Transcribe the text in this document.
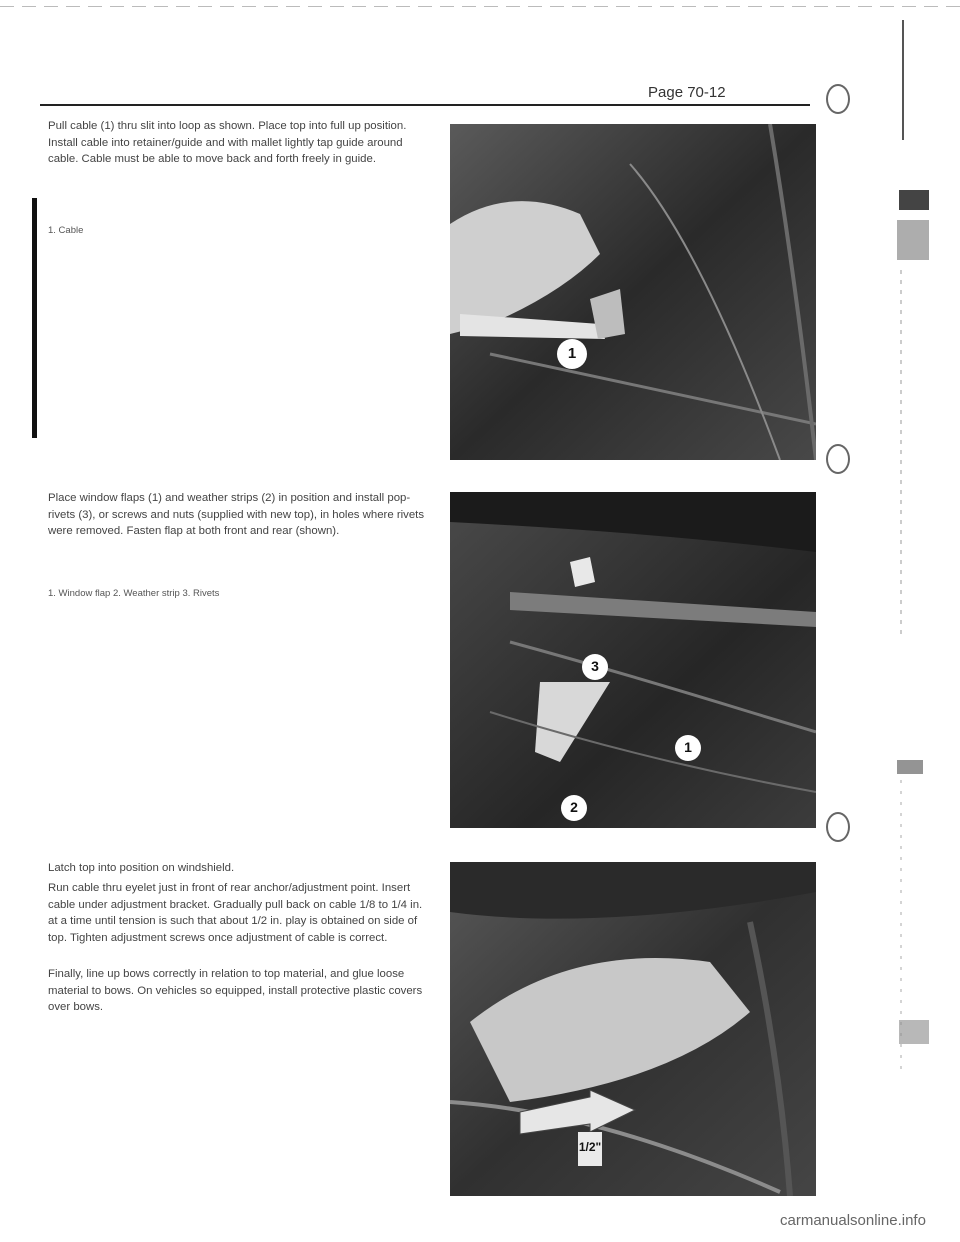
Page 70-12

Pull cable (1) thru slit into loop as shown. Place top into full up position. Install cable into retainer/guide and with mallet lightly tap guide around cable. Cable must be able to move back and forth freely in guide.

1. Cable

1

Place window flaps (1) and weather strips (2) in position and install pop-rivets (3), or screws and nuts (supplied with new top), in holes where rivets were removed. Fasten flap at both front and rear (shown).

1. Window flap 2. Weather strip 3. Rivets

3
1
2

Latch top into position on windshield.

Run cable thru eyelet just in front of rear anchor/adjustment point. Insert cable under adjustment bracket. Gradually pull back on cable 1/8 to 1/4 in. at a time until tension is such that about 1/2 in. play is obtained on side of top. Tighten adjustment screws once adjustment of cable is correct.

Finally, line up bows correctly in relation to top material, and glue loose material to bows. On vehicles so equipped, install protective plastic covers over bows.

1/2"
carmanualsonline.info
